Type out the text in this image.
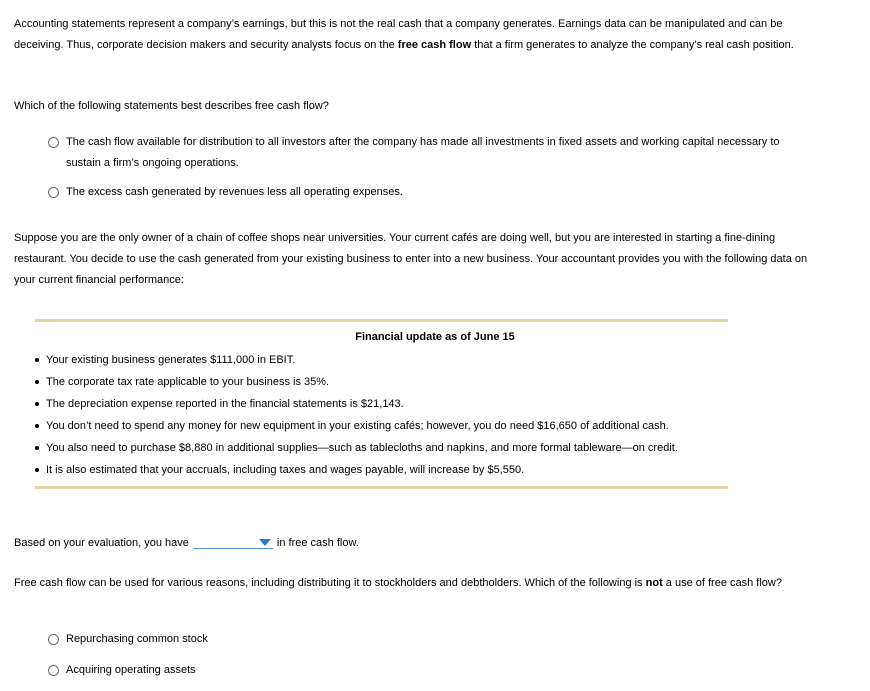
Accounting statements represent a company’s earnings, but this is not the real cash that a company generates. Earnings data can be manipulated and can be deceiving. Thus, corporate decision makers and security analysts focus on the free cash flow that a firm generates to analyze the company’s real cash position.
Which of the following statements best describes free cash flow?
The cash flow available for distribution to all investors after the company has made all investments in fixed assets and working capital necessary to sustain a firm’s ongoing operations.
The excess cash generated by revenues less all operating expenses.
Suppose you are the only owner of a chain of coffee shops near universities. Your current cafés are doing well, but you are interested in starting a fine-dining restaurant. You decide to use the cash generated from your existing business to enter into a new business. Your accountant provides you with the following data on your current financial performance:
Financial update as of June 15
Your existing business generates $111,000 in EBIT.
The corporate tax rate applicable to your business is 35%.
The depreciation expense reported in the financial statements is $21,143.
You don’t need to spend any money for new equipment in your existing cafés; however, you do need $16,650 of additional cash.
You also need to purchase $8,880 in additional supplies—such as tablecloths and napkins, and more formal tableware—on credit.
It is also estimated that your accruals, including taxes and wages payable, will increase by $5,550.
Based on your evaluation, you have	in free cash flow.
Free cash flow can be used for various reasons, including distributing it to stockholders and debtholders. Which of the following is not a use of free cash flow?
Repurchasing common stock
Acquiring operating assets
